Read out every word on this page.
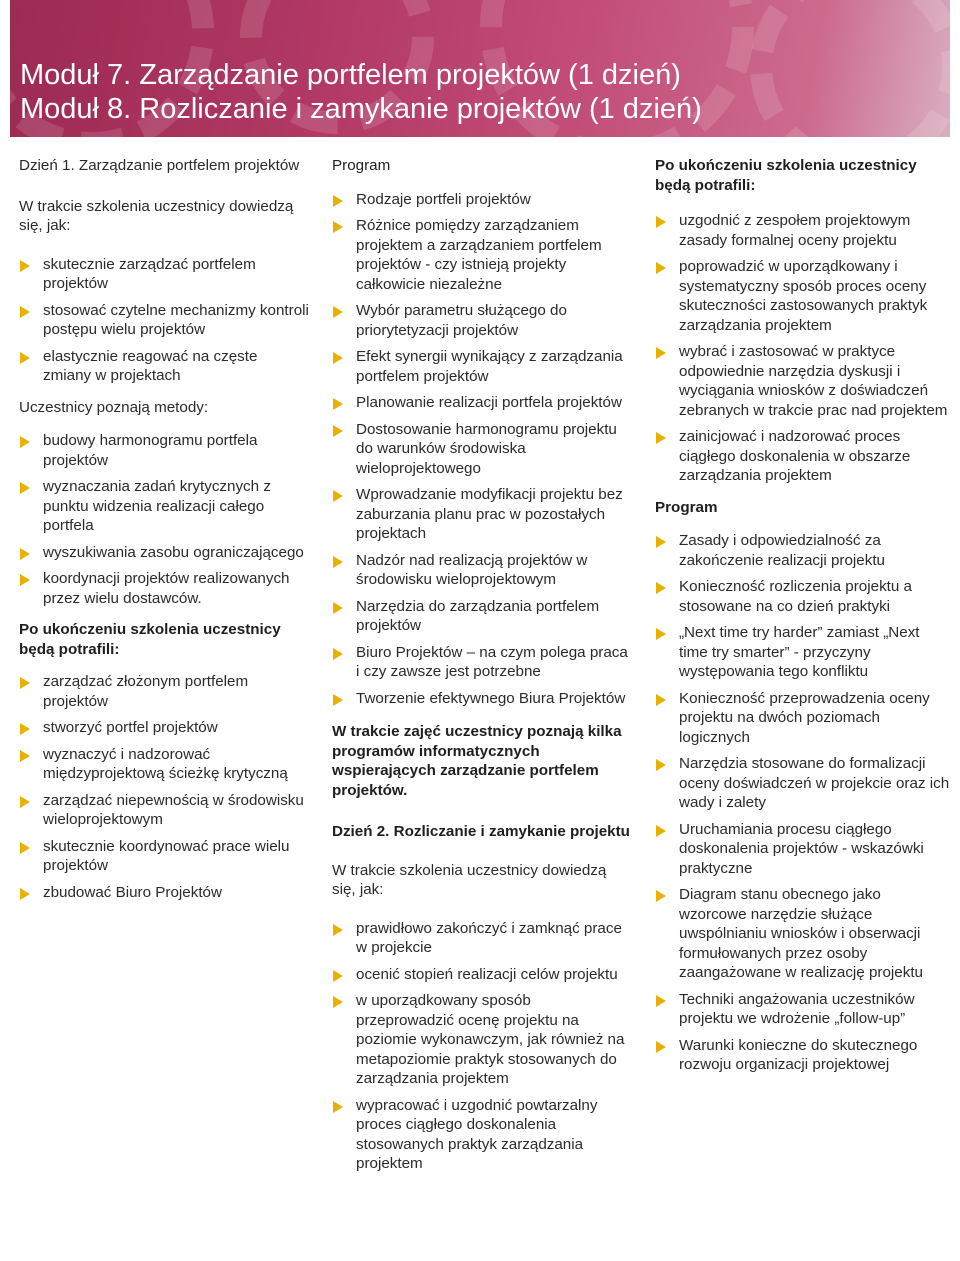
Moduł 7. Zarządzanie portfelem projektów (1 dzień)
Moduł 8. Rozliczanie i zamykanie projektów (1 dzień)

Dzień 1. Zarządzanie portfelem projektów

W trakcie szkolenia uczestnicy dowiedzą się, jak:

skutecznie zarządzać portfelem projektów
stosować czytelne mechanizmy kontroli postępu wielu projektów
elastycznie reagować na częste zmiany w projektach

Uczestnicy poznają metody:

budowy harmonogramu portfela projektów
wyznaczania zadań krytycznych z punktu widzenia realizacji całego portfela
wyszukiwania zasobu ograniczającego
koordynacji projektów realizowanych przez wielu dostawców.

Po ukończeniu szkolenia uczestnicy będą potrafili:

zarządzać złożonym portfelem projektów
stworzyć portfel projektów
wyznaczyć i nadzorować międzyprojektową ścieżkę krytyczną
zarządzać niepewnością w środowisku wieloprojektowym
skutecznie koordynować prace wielu projektów
zbudować Biuro Projektów

Program

Rodzaje portfeli projektów
Różnice pomiędzy zarządzaniem projektem a zarządzaniem portfelem projektów - czy istnieją projekty całkowicie niezależne
Wybór parametru służącego do priorytetyzacji projektów
Efekt synergii wynikający z zarządzania portfelem projektów
Planowanie realizacji portfela projektów
Dostosowanie harmonogramu projektu do warunków środowiska wieloprojektowego
Wprowadzanie modyfikacji projektu bez zaburzania planu prac w pozostałych projektach
Nadzór nad realizacją projektów w środowisku wieloprojektowym
Narzędzia do zarządzania portfelem projektów
Biuro Projektów – na czym polega praca i czy zawsze jest potrzebne
Tworzenie efektywnego Biura Projektów

W trakcie zajęć uczestnicy poznają kilka programów informatycznych wspierających zarządzanie portfelem projektów.

Dzień 2. Rozliczanie i zamykanie projektu

W trakcie szkolenia uczestnicy dowiedzą się, jak:

prawidłowo zakończyć i zamknąć prace w projekcie
ocenić stopień realizacji celów projektu
w uporządkowany sposób przeprowadzić ocenę projektu na poziomie wykonawczym, jak również na metapoziomie praktyk stosowanych do zarządzania projektem
wypracować i uzgodnić powtarzalny proces ciągłego doskonalenia stosowanych praktyk zarządzania projektem

Po ukończeniu szkolenia uczestnicy będą potrafili:

uzgodnić z zespołem projektowym zasady formalnej oceny projektu
poprowadzić w uporządkowany i systematyczny sposób proces oceny skuteczności zastosowanych praktyk zarządzania projektem
wybrać i zastosować w praktyce odpowiednie narzędzia dyskusji i wyciągania wniosków z doświadczeń zebranych w trakcie prac nad projektem
zainicjować i nadzorować proces ciągłego doskonalenia w obszarze zarządzania projektem

Program

Zasady i odpowiedzialność za zakończenie realizacji projektu
Konieczność rozliczenia projektu a stosowane na co dzień praktyki
„Next time try harder” zamiast „Next time try smarter” - przyczyny występowania tego konfliktu
Konieczność przeprowadzenia oceny projektu na dwóch poziomach logicznych
Narzędzia stosowane do formalizacji oceny doświadczeń w projekcie oraz ich wady i zalety
Uruchamiania procesu ciągłego doskonalenia projektów - wskazówki praktyczne
Diagram stanu obecnego jako wzorcowe narzędzie służące uwspólnianiu wniosków i obserwacji formułowanych przez osoby zaangażowane w realizację projektu
Techniki angażowania uczestników projektu we wdrożenie „follow-up”
Warunki konieczne do skutecznego rozwoju organizacji projektowej
